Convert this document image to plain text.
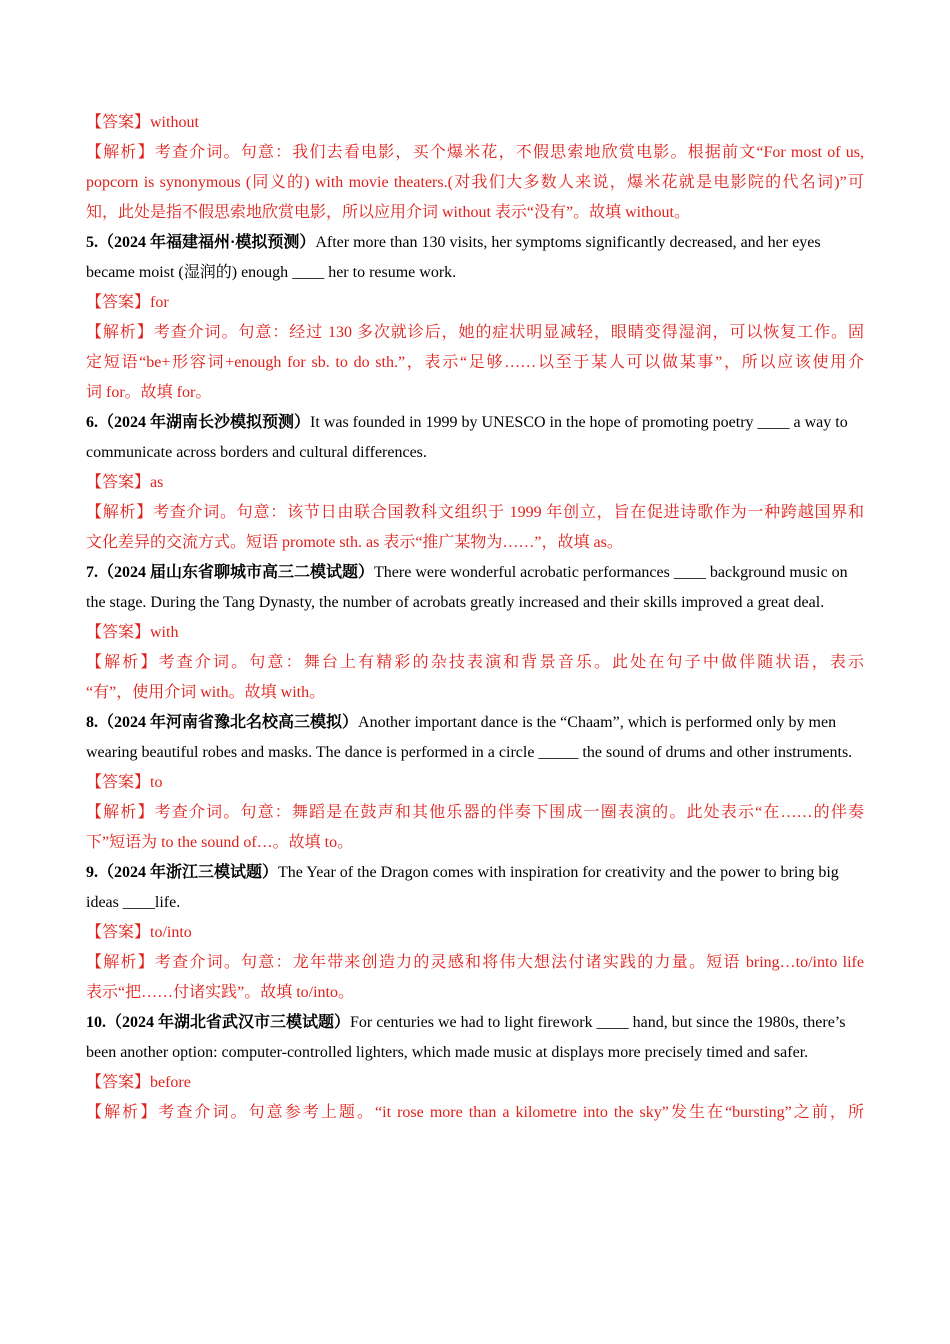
【答案】without
【解析】考查介词。句意：我们去看电影，买个爆米花，不假思索地欣赏电影。根据前文“For most of us,
popcorn is synonymous (同义的) with movie theaters.(对我们大多数人来说，爆米花就是电影院的代名词)”可
知，此处是指不假思索地欣赏电影，所以应用介词 without 表示“没有”。故填 without。
5.（2024 年福建福州·模拟预测）After more than 130 visits, her symptoms significantly decreased, and her eyes became moist (湿润的) enough ____ her to resume work.
【答案】for
【解析】考查介词。句意：经过 130 多次就诊后，她的症状明显减轻，眼睛变得湿润，可以恢复工作。固
定短语“be+形容词+enough for sb. to do sth.”，表示“足够……以至于某人可以做某事”，所以应该使用介
词 for。故填 for。
6.（2024 年湖南长沙模拟预测）It was founded in 1999 by UNESCO in the hope of promoting poetry ____ a way to communicate across borders and cultural differences.
【答案】as
【解析】考查介词。句意：该节日由联合国教科文组织于 1999 年创立，旨在促进诗歌作为一种跨越国界和
文化差异的交流方式。短语 promote sth. as 表示“推广某物为……”，故填 as。
7.（2024 届山东省聊城市高三二模试题）There were wonderful acrobatic performances ____ background music on the stage. During the Tang Dynasty, the number of acrobats greatly increased and their skills improved a great deal.
【答案】with
【解析】考查介词。句意：舞台上有精彩的杂技表演和背景音乐。此处在句子中做伴随状语，表示
“有”，使用介词 with。故填 with。
8.（2024 年河南省豫北名校高三模拟）Another important dance is the “Chaam”, which is performed only by men wearing beautiful robes and masks. The dance is performed in a circle _____ the sound of drums and other instruments.
【答案】to
【解析】考查介词。句意：舞蹈是在鼓声和其他乐器的伴奏下围成一圈表演的。此处表示“在……的伴奏
下”短语为 to the sound of…。故填 to。
9.（2024 年浙江三模试题）The Year of the Dragon comes with inspiration for creativity and the power to bring big ideas ____life.
【答案】to/into
【解析】考查介词。句意：龙年带来创造力的灵感和将伟大想法付诸实践的力量。短语 bring…to/into life
表示“把……付诸实践”。故填 to/into。
10.（2024 年湖北省武汉市三模试题）For centuries we had to light firework ____ hand, but since the 1980s, there’s been another option: computer-controlled lighters, which made music at displays more precisely timed and safer.
【答案】before
【解析】考查介词。句意参考上题。“it rose more than a kilometre into the sky”发生在“bursting”之前，所
